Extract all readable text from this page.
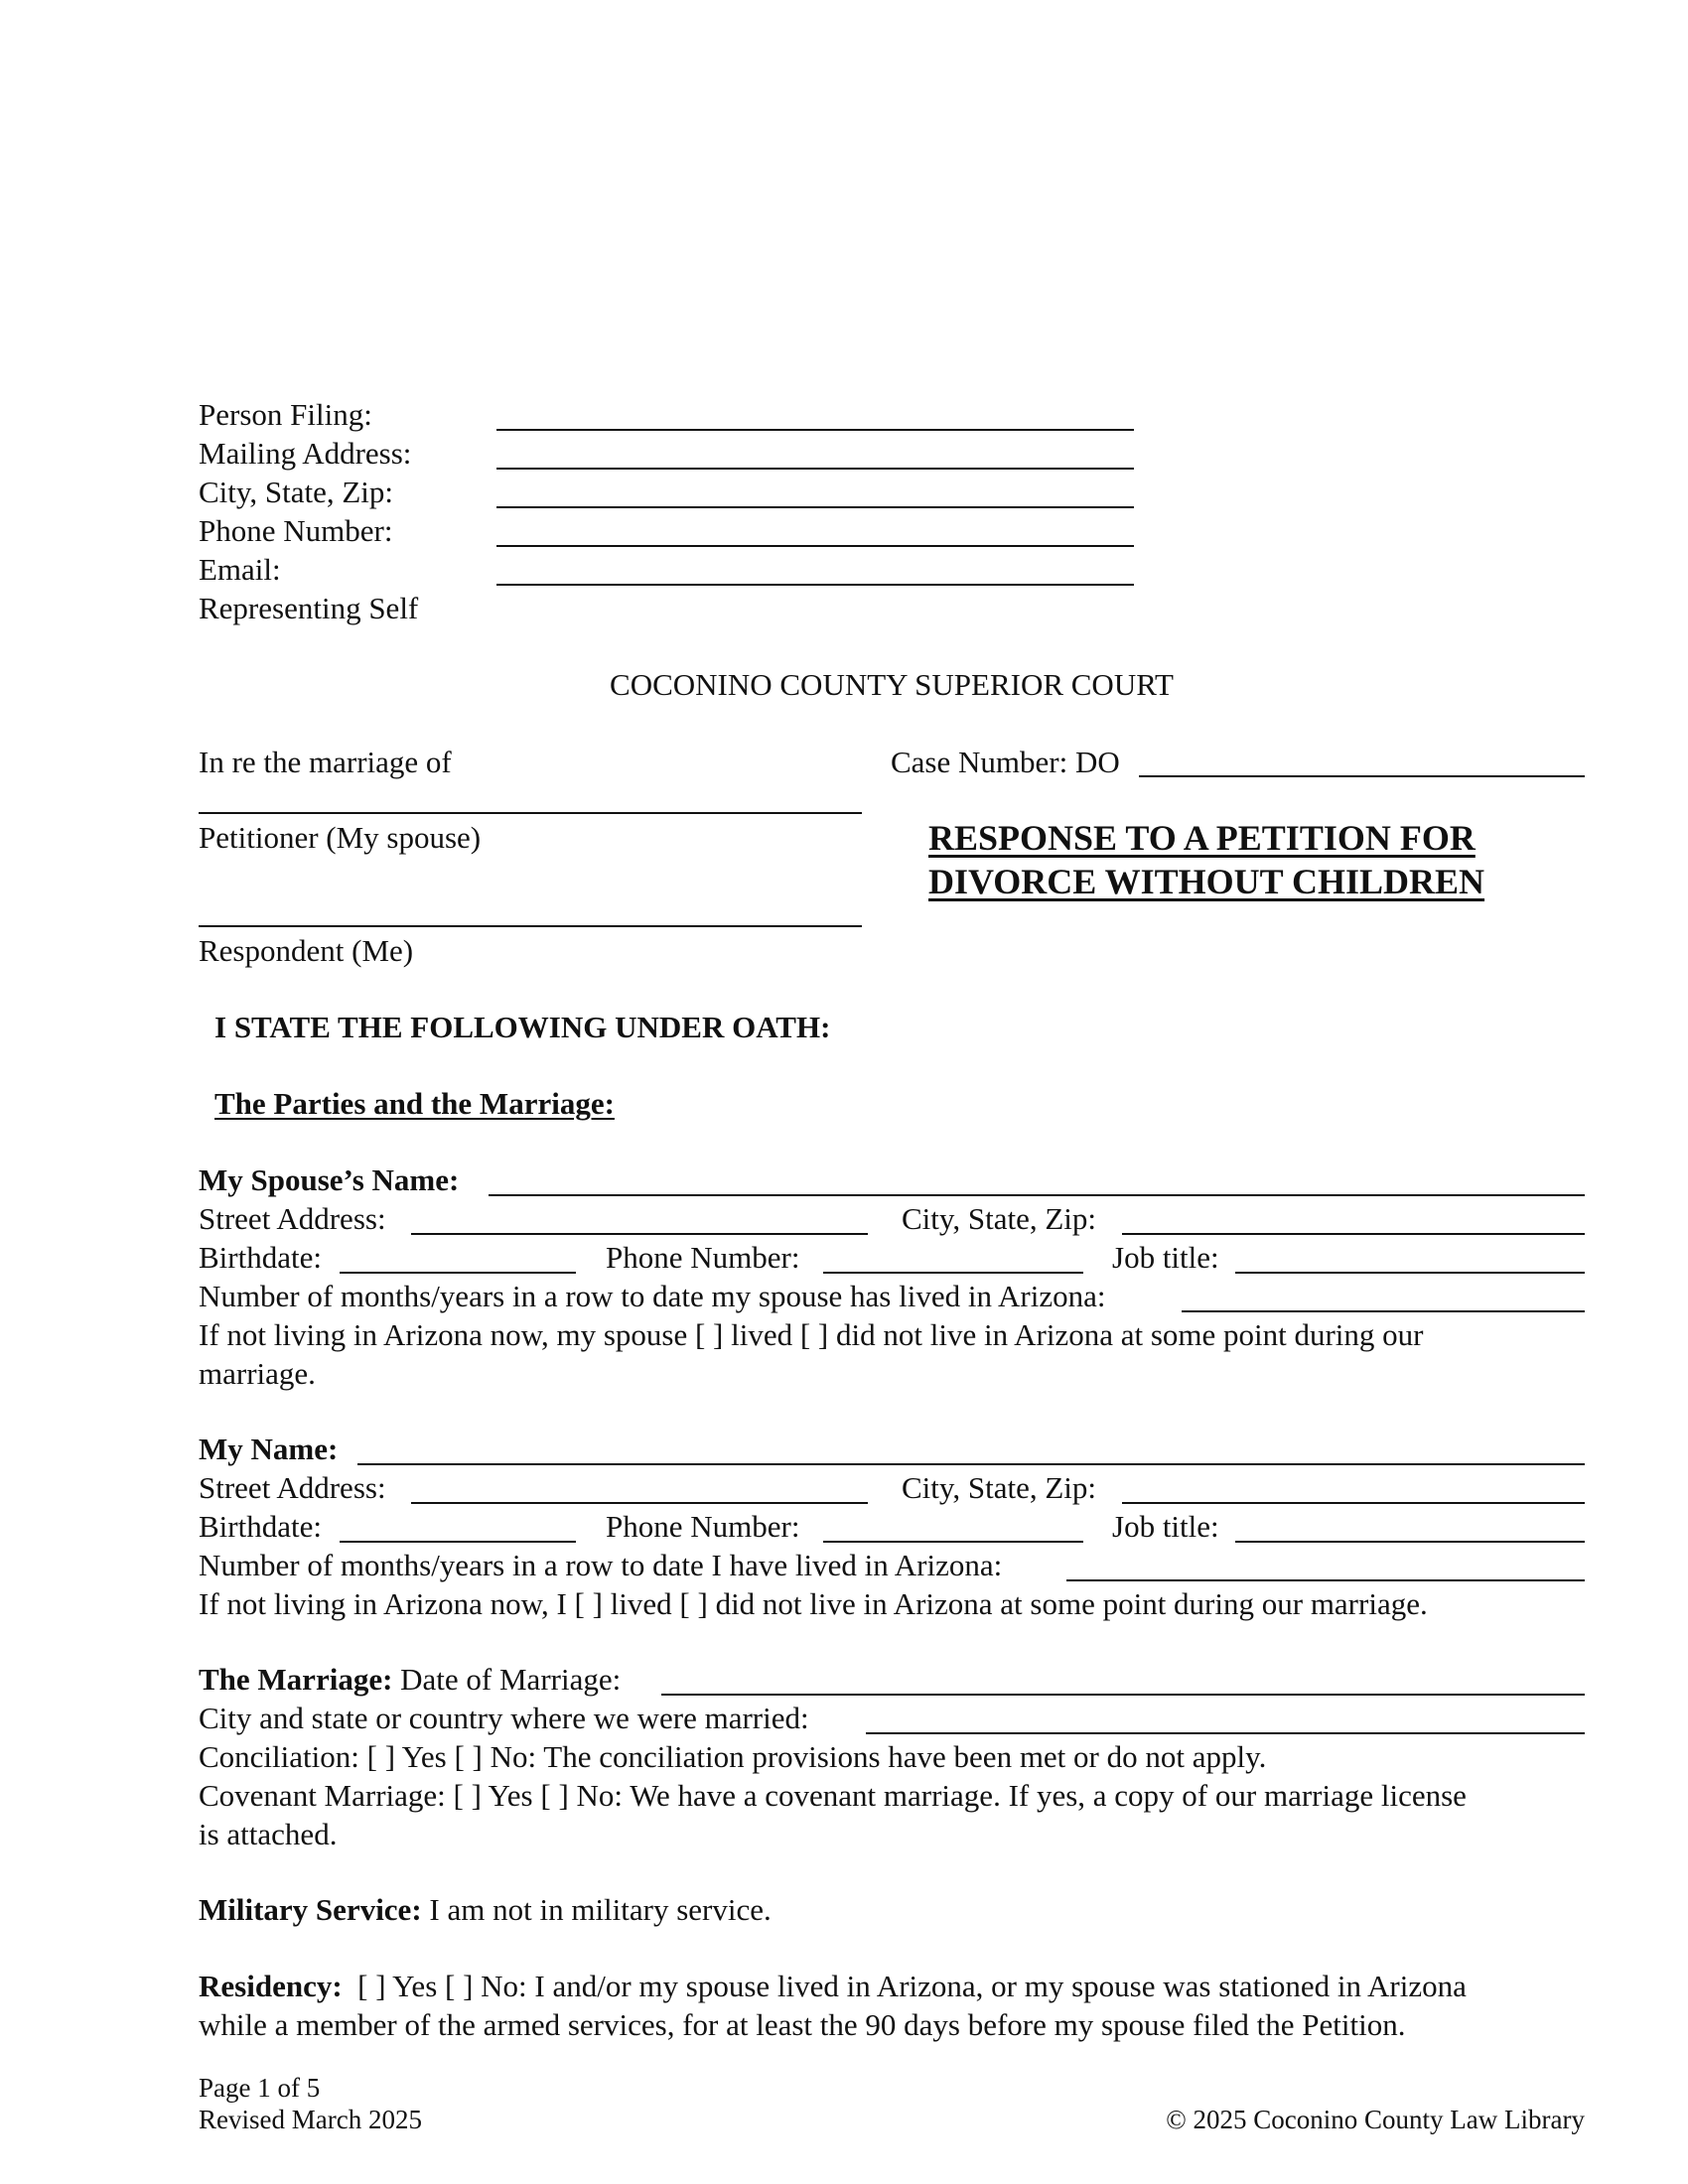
Person Filing:
Mailing Address:
City, State, Zip:
Phone Number:
Email:
Representing Self
COCONINO COUNTY SUPERIOR COURT
In re the marriage of	Case Number: DO
Petitioner (My spouse)	RESPONSE TO A PETITION FOR
DIVORCE WITHOUT CHILDREN
Respondent (Me)
I STATE THE FOLLOWING UNDER OATH:
The Parties and the Marriage:
My Spouse’s Name:
Street Address:	City, State, Zip:
Birthdate:	Phone Number:	Job title:
Number of months/years in a row to date my spouse has lived in Arizona:
If not living in Arizona now, my spouse [ ] lived [ ] did not live in Arizona at some point during our
marriage.
My Name:
Street Address:	City, State, Zip:
Birthdate:	Phone Number:	Job title:
Number of months/years in a row to date I have lived in Arizona:
If not living in Arizona now, I [ ] lived [ ] did not live in Arizona at some point during our marriage.
The Marriage: Date of Marriage:
City and state or country where we were married:
Conciliation: [ ] Yes [ ] No: The conciliation provisions have been met or do not apply.
Covenant Marriage: [ ] Yes [ ] No: We have a covenant marriage. If yes, a copy of our marriage license
is attached.
Military Service: I am not in military service.
Residency: [ ] Yes [ ] No: I and/or my spouse lived in Arizona, or my spouse was stationed in Arizona
while a member of the armed services, for at least the 90 days before my spouse filed the Petition.
Page 1 of 5
Revised March 2025	© 2025 Coconino County Law Library
